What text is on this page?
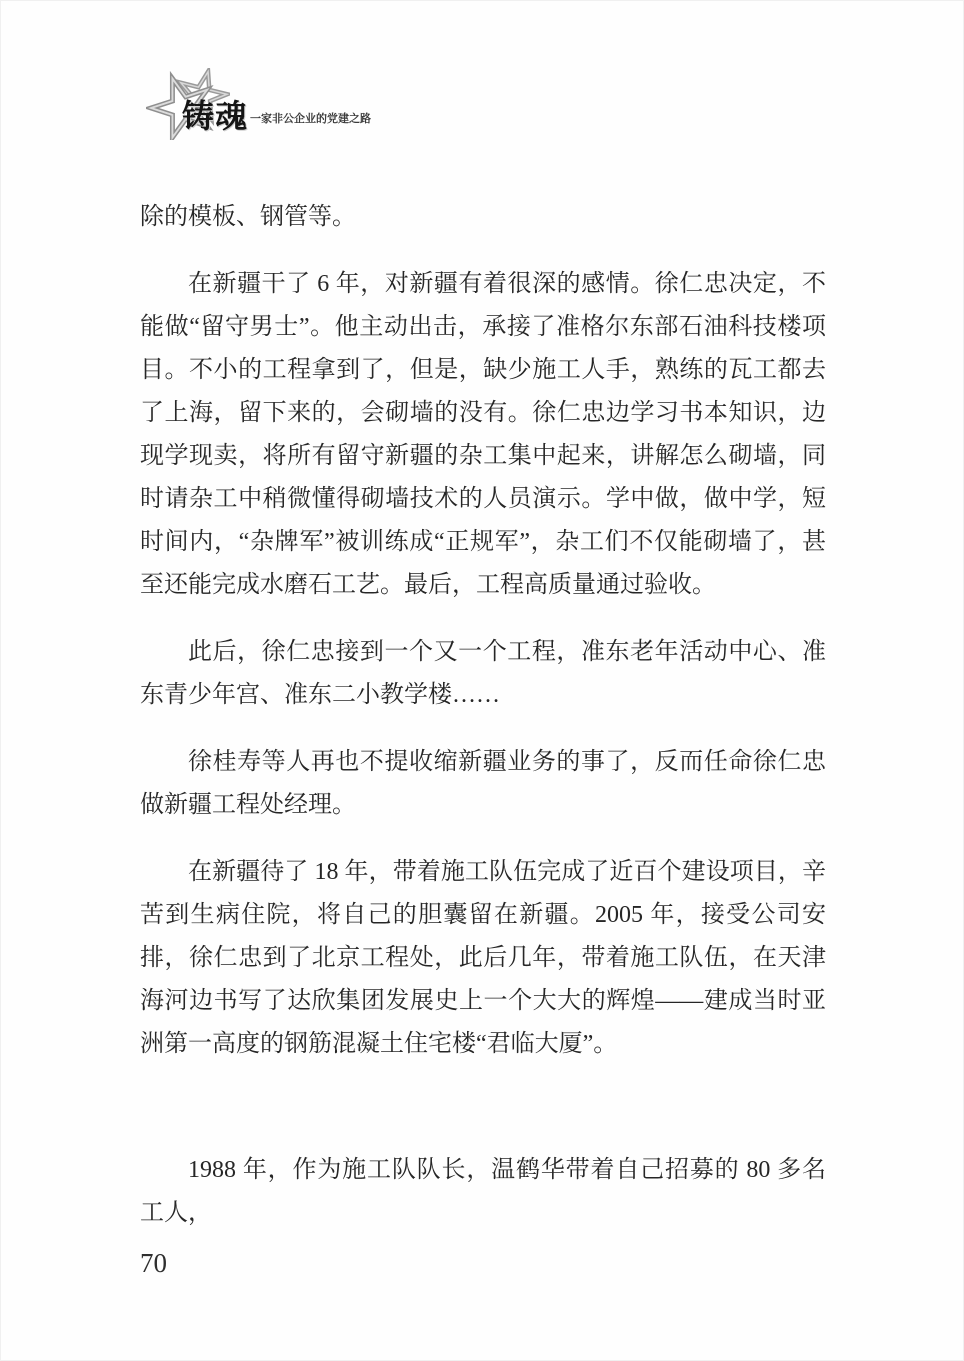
铸魂 一家非公企业的党建之路

除的模板、钢管等。

在新疆干了 6 年，对新疆有着很深的感情。徐仁忠决定，不能做“留守男士”。他主动出击，承接了准格尔东部石油科技楼项目。不小的工程拿到了，但是，缺少施工人手，熟练的瓦工都去了上海，留下来的，会砌墙的没有。徐仁忠边学习书本知识，边现学现卖，将所有留守新疆的杂工集中起来，讲解怎么砌墙，同时请杂工中稍微懂得砌墙技术的人员演示。学中做，做中学，短时间内，“杂牌军”被训练成“正规军”，杂工们不仅能砌墙了，甚至还能完成水磨石工艺。最后，工程高质量通过验收。

此后，徐仁忠接到一个又一个工程，准东老年活动中心、准东青少年宫、准东二小教学楼……

徐桂寿等人再也不提收缩新疆业务的事了，反而任命徐仁忠做新疆工程处经理。

在新疆待了 18 年，带着施工队伍完成了近百个建设项目，辛苦到生病住院，将自己的胆囊留在新疆。2005 年，接受公司安排，徐仁忠到了北京工程处，此后几年，带着施工队伍，在天津海河边书写了达欣集团发展史上一个大大的辉煌——建成当时亚洲第一高度的钢筋混凝土住宅楼“君临大厦”。

1988 年，作为施工队队长，温鹤华带着自己招募的 80 多名工人，

70
